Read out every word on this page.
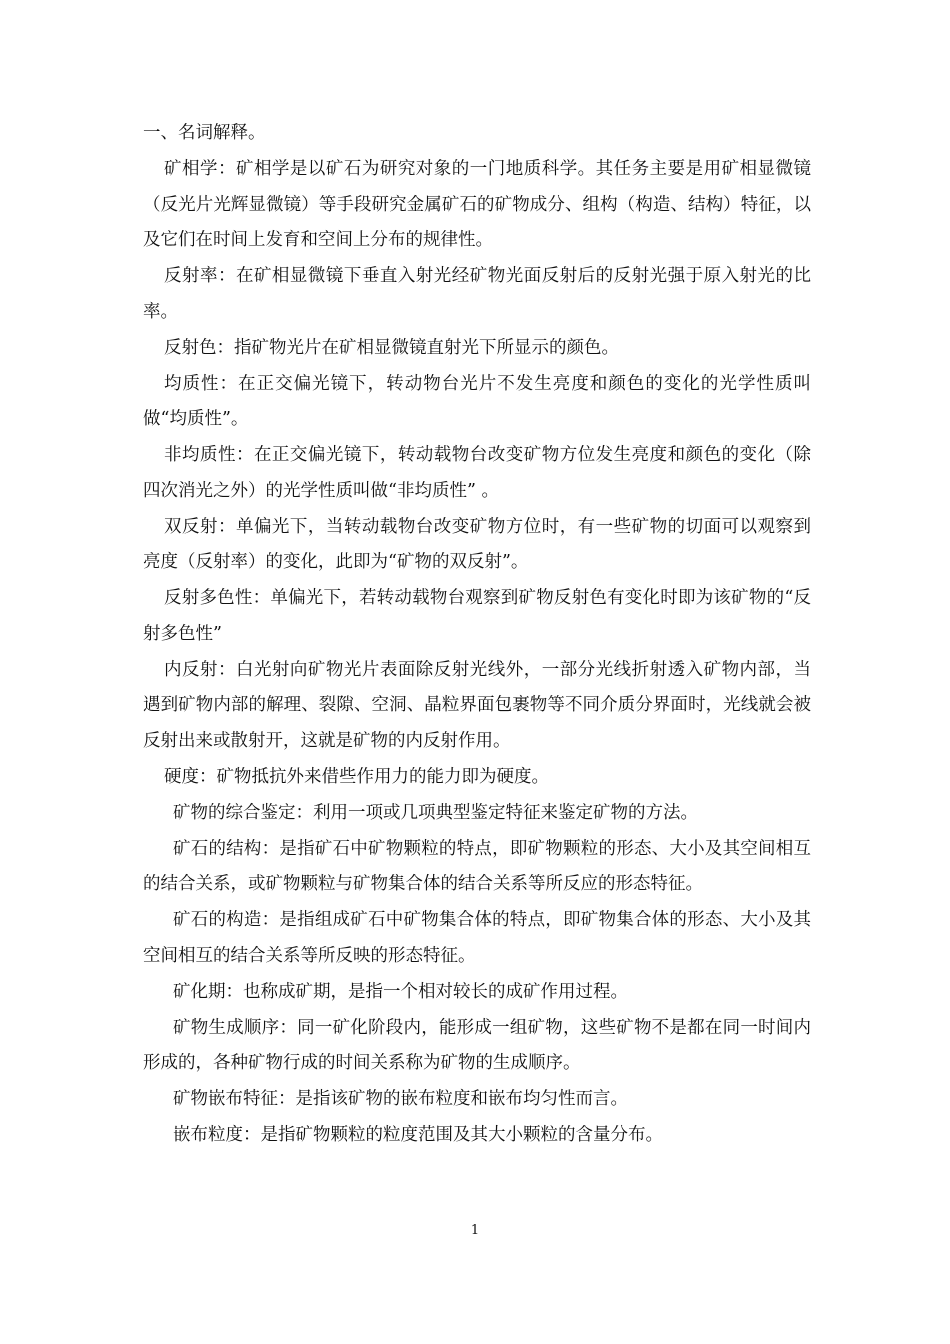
一、名词解释。

矿相学：矿相学是以矿石为研究对象的一门地质科学。其任务主要是用矿相显微镜（反光片光辉显微镜）等手段研究金属矿石的矿物成分、组构（构造、结构）特征，以及它们在时间上发育和空间上分布的规律性。

反射率：在矿相显微镜下垂直入射光经矿物光面反射后的反射光强于原入射光的比率。

反射色：指矿物光片在矿相显微镜直射光下所显示的颜色。

均质性：在正交偏光镜下，转动物台光片不发生亮度和颜色的变化的光学性质叫做“均质性”。

非均质性：在正交偏光镜下，转动载物台改变矿物方位发生亮度和颜色的变化（除四次消光之外）的光学性质叫做“非均质性” 。

双反射：单偏光下，当转动载物台改变矿物方位时，有一些矿物的切面可以观察到亮度（反射率）的变化，此即为“矿物的双反射”。

反射多色性：单偏光下，若转动载物台观察到矿物反射色有变化时即为该矿物的“反射多色性”

内反射：白光射向矿物光片表面除反射光线外，一部分光线折射透入矿物内部，当遇到矿物内部的解理、裂隙、空洞、晶粒界面包裹物等不同介质分界面时，光线就会被反射出来或散射开，这就是矿物的内反射作用。

硬度：矿物抵抗外来借些作用力的能力即为硬度。

矿物的综合鉴定：利用一项或几项典型鉴定特征来鉴定矿物的方法。

矿石的结构：是指矿石中矿物颗粒的特点，即矿物颗粒的形态、大小及其空间相互的结合关系，或矿物颗粒与矿物集合体的结合关系等所反应的形态特征。

矿石的构造：是指组成矿石中矿物集合体的特点，即矿物集合体的形态、大小及其空间相互的结合关系等所反映的形态特征。

矿化期：也称成矿期，是指一个相对较长的成矿作用过程。

矿物生成顺序：同一矿化阶段内，能形成一组矿物，这些矿物不是都在同一时间内形成的，各种矿物行成的时间关系称为矿物的生成顺序。

矿物嵌布特征：是指该矿物的嵌布粒度和嵌布均匀性而言。

嵌布粒度：是指矿物颗粒的粒度范围及其大小颗粒的含量分布。

1
